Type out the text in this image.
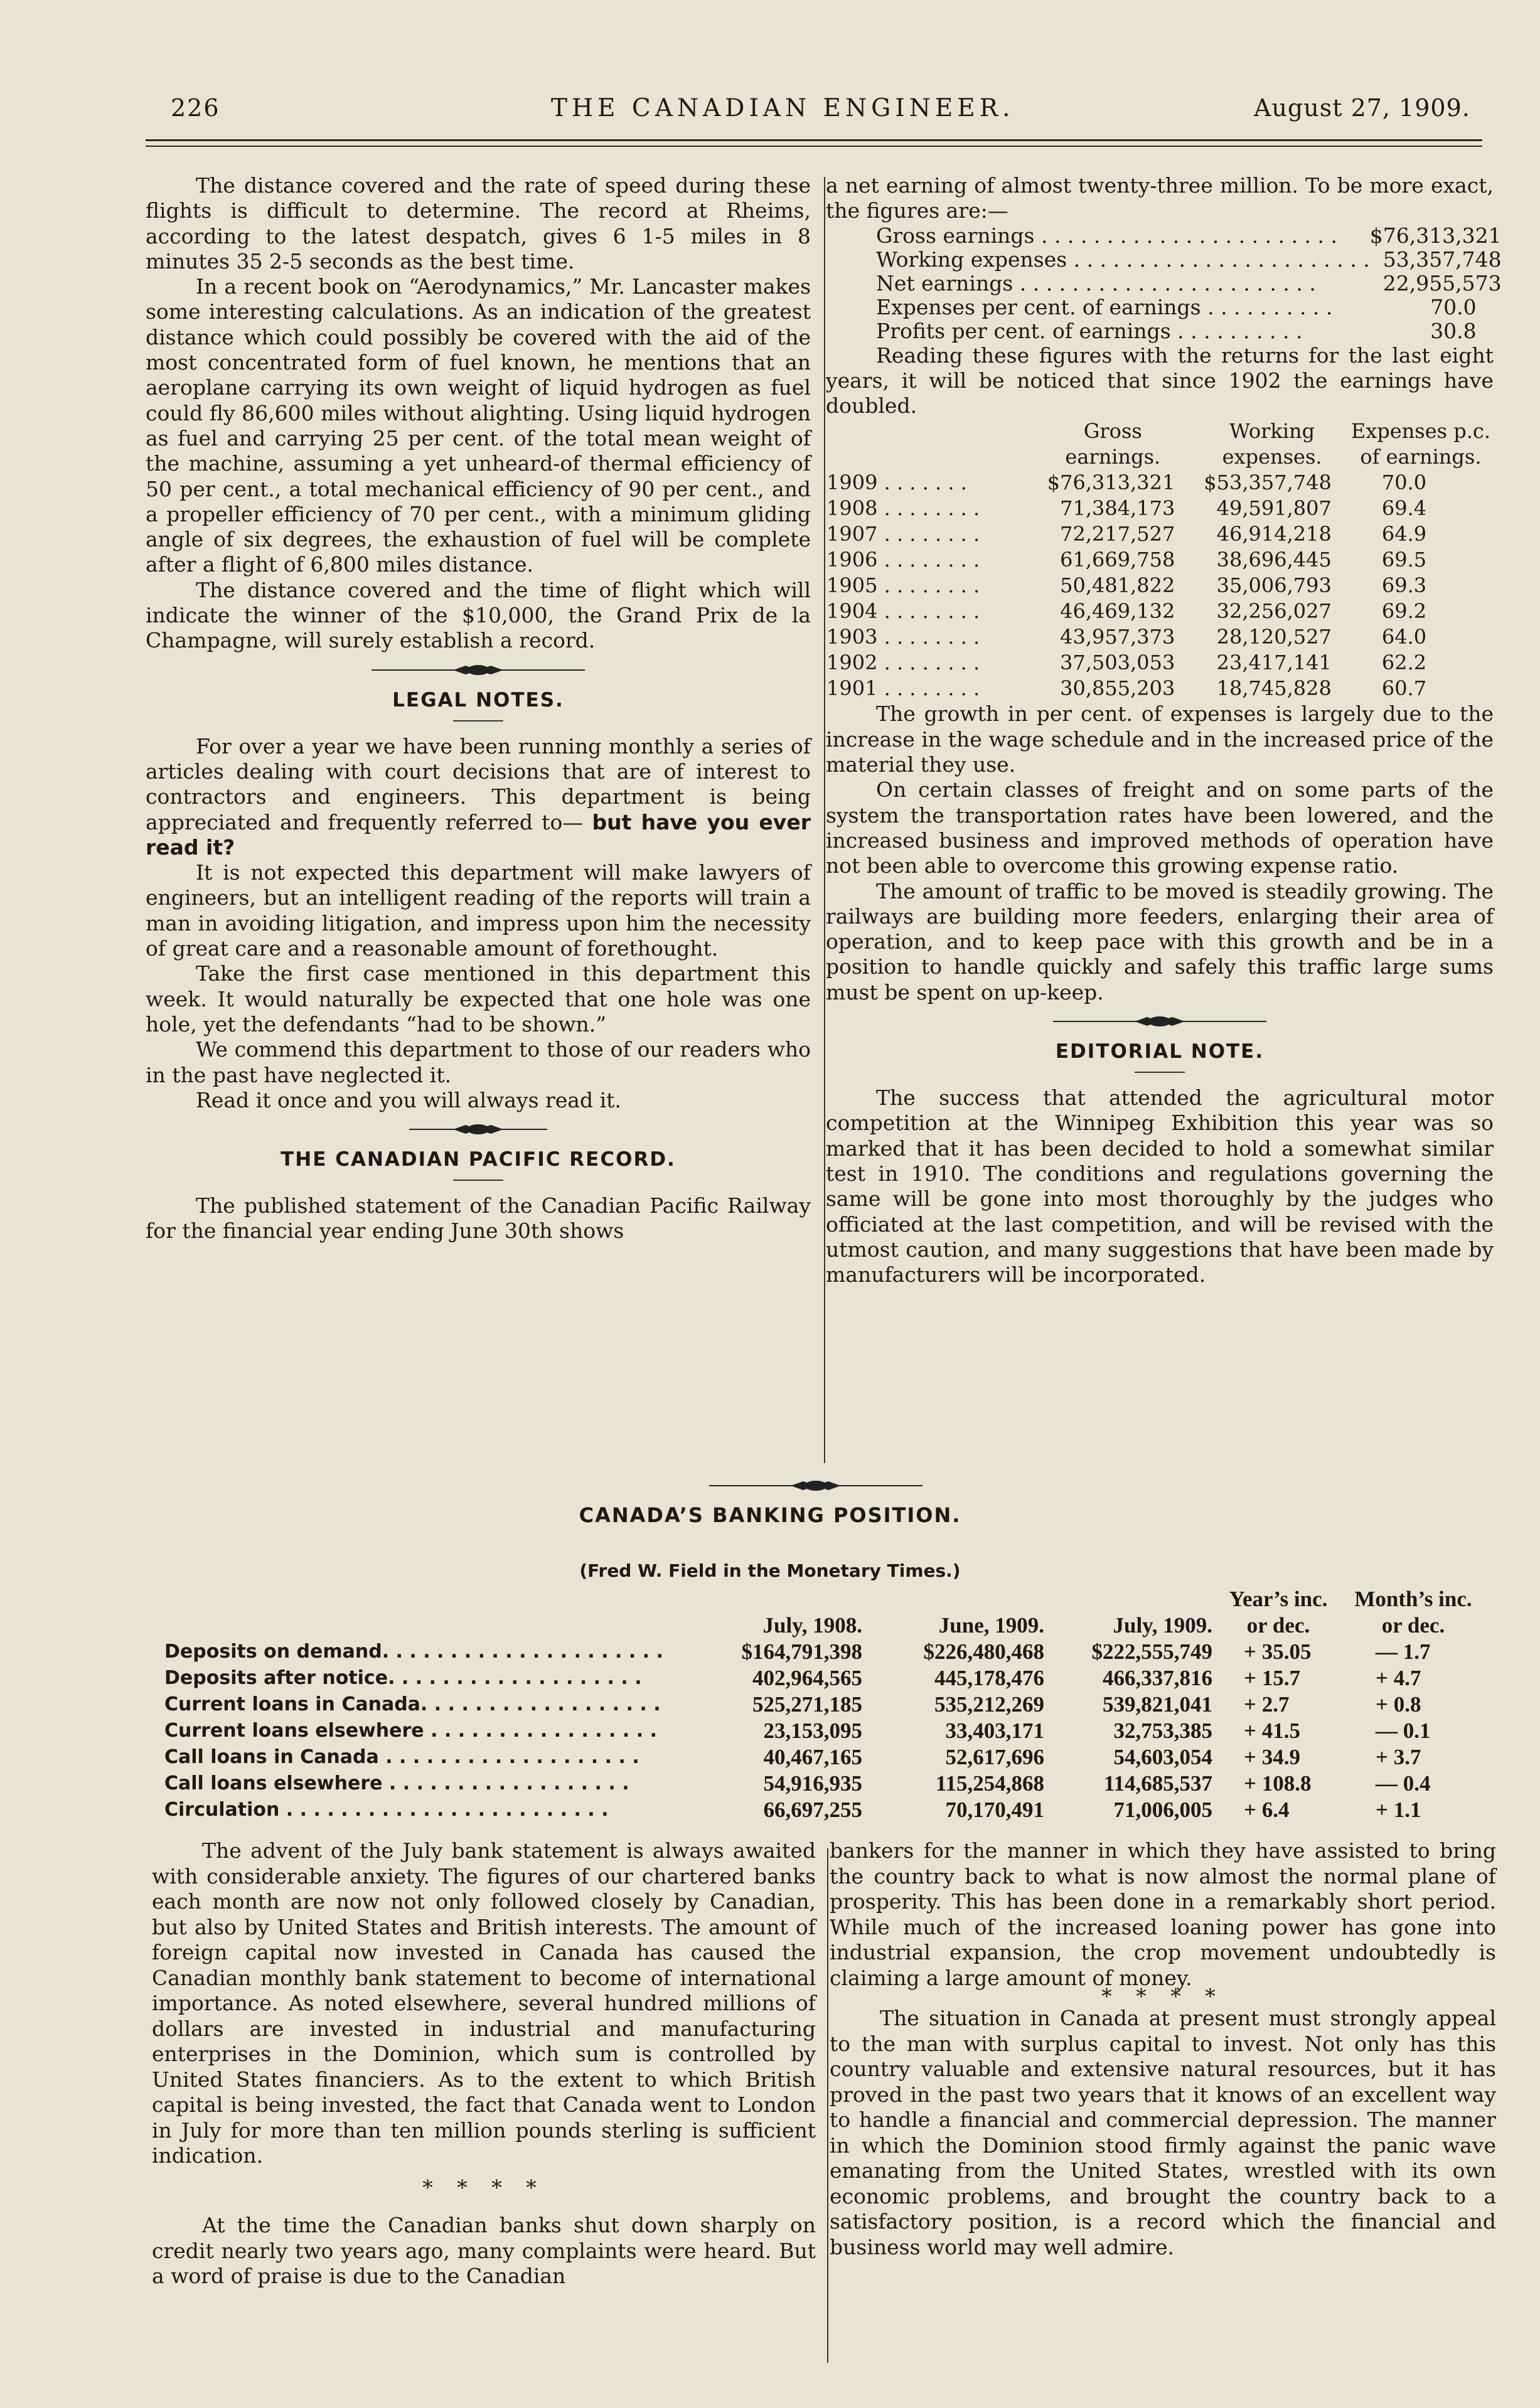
226	THE CANADIAN ENGINEER.	August 27, 1909.

The distance covered and the rate of speed during these flights is difficult to determine. The record at Rheims, according to the latest despatch, gives 6 1-5 miles in 8 minutes 35 2-5 seconds as the best time.

In a recent book on “Aerodynamics,” Mr. Lancaster makes some interesting calculations. As an indication of the greatest distance which could possibly be covered with the aid of the most concentrated form of fuel known, he mentions that an aeroplane carrying its own weight of liquid hydrogen as fuel could fly 86,600 miles without alighting. Using liquid hydrogen as fuel and carrying 25 per cent. of the total mean weight of the machine, assuming a yet unheard-of thermal efficiency of 50 per cent., a total mechanical efficiency of 90 per cent., and a propeller efficiency of 70 per cent., with a minimum gliding angle of six degrees, the exhaustion of fuel will be complete after a flight of 6,800 miles distance.

The distance covered and the time of flight which will indicate the winner of the $10,000, the Grand Prix de la Champagne, will surely establish a record.

LEGAL NOTES.

For over a year we have been running monthly a series of articles dealing with court decisions that are of interest to contractors and engineers. This department is being appreciated and frequently referred to— but have you ever read it?

It is not expected this department will make lawyers of engineers, but an intelligent reading of the reports will train a man in avoiding litigation, and impress upon him the necessity of great care and a reasonable amount of forethought.

Take the first case mentioned in this department this week. It would naturally be expected that one hole was one hole, yet the defendants “had to be shown.”

We commend this department to those of our readers who in the past have neglected it.

Read it once and you will always read it.

THE CANADIAN PACIFIC RECORD.

The published statement of the Canadian Pacific Railway for the financial year ending June 30th shows

a net earning of almost twenty-three million. To be more exact, the figures are:—

Gross earnings . . . . . . . . . . . . . . . . . . . . . . .	$76,313,321
Working expenses . . . . . . . . . . . . . . . . . . . . . . .	53,357,748
Net earnings . . . . . . . . . . . . . . . . . . . . . . .	22,955,573
Expenses per cent. of earnings . . . . . . . . . .	70.0
Profits per cent. of earnings . . . . . . . . . .	30.8

Reading these figures with the returns for the last eight years, it will be noticed that since 1902 the earnings have doubled.

	Gross	Working	Expenses p.c.
	earnings.	expenses.	of earnings.
1909 . . . . . . .	$76,313,321	$53,357,748	70.0
1908 . . . . . . . .	71,384,173	49,591,807	69.4
1907 . . . . . . . .	72,217,527	46,914,218	64.9
1906 . . . . . . . .	61,669,758	38,696,445	69.5
1905 . . . . . . . .	50,481,822	35,006,793	69.3
1904 . . . . . . . .	46,469,132	32,256,027	69.2
1903 . . . . . . . .	43,957,373	28,120,527	64.0
1902 . . . . . . . .	37,503,053	23,417,141	62.2
1901 . . . . . . . .	30,855,203	18,745,828	60.7

The growth in per cent. of expenses is largely due to the increase in the wage schedule and in the increased price of the material they use.

On certain classes of freight and on some parts of the system the transportation rates have been lowered, and the increased business and improved methods of operation have not been able to overcome this growing expense ratio.

The amount of traffic to be moved is steadily growing. The railways are building more feeders, enlarging their area of operation, and to keep pace with this growth and be in a position to handle quickly and safely this traffic large sums must be spent on up-keep.

EDITORIAL NOTE.

The success that attended the agricultural motor competition at the Winnipeg Exhibition this year was so marked that it has been decided to hold a somewhat similar test in 1910. The conditions and regulations governing the same will be gone into most thoroughly by the judges who officiated at the last competition, and will be revised with the utmost caution, and many suggestions that have been made by manufacturers will be incorporated.

CANADA’S BANKING POSITION.
(Fred W. Field in the Monetary Times.)
				Year’s inc.	Month’s inc.
	July, 1908.	June, 1909.	July, 1909.	or dec.	or dec.
Deposits on demand. . . . . . . . . . . . . . . . . . . . .	$164,791,398	$226,480,468	$222,555,749	+ 35.05	— 1.7
Deposits after notice. . . . . . . . . . . . . . . . . . .	402,964,565	445,178,476	466,337,816	+ 15.7	+ 4.7
Current loans in Canada. . . . . . . . . . . . . . . . . .	525,271,185	535,212,269	539,821,041	+ 2.7	+ 0.8
Current loans elsewhere . . . . . . . . . . . . . . . . .	23,153,095	33,403,171	32,753,385	+ 41.5	— 0.1
Call loans in Canada . . . . . . . . . . . . . . . . . . .	40,467,165	52,617,696	54,603,054	+ 34.9	+ 3.7
Call loans elsewhere . . . . . . . . . . . . . . . . . .	54,916,935	115,254,868	114,685,537	+ 108.8	— 0.4
Circulation . . . . . . . . . . . . . . . . . . . . . . . .	66,697,255	70,170,491	71,006,005	+ 6.4	+ 1.1

The advent of the July bank statement is always awaited with considerable anxiety. The figures of our chartered banks each month are now not only followed closely by Canadian, but also by United States and British interests. The amount of foreign capital now invested in Canada has caused the Canadian monthly bank statement to become of international importance. As noted elsewhere, several hundred millions of dollars are invested in industrial and manufacturing enterprises in the Dominion, which sum is controlled by United States financiers. As to the extent to which British capital is being invested, the fact that Canada went to London in July for more than ten million pounds sterling is sufficient indication.

* * * *

At the time the Canadian banks shut down sharply on credit nearly two years ago, many complaints were heard. But a word of praise is due to the Canadian

bankers for the manner in which they have assisted to bring the country back to what is now almost the normal plane of prosperity. This has been done in a remarkably short period. While much of the increased loaning power has gone into industrial expansion, the crop movement undoubtedly is claiming a large amount of money.

* * * *

The situation in Canada at present must strongly appeal to the man with surplus capital to invest. Not only has this country valuable and extensive natural resources, but it has proved in the past two years that it knows of an excellent way to handle a financial and commercial depression. The manner in which the Dominion stood firmly against the panic wave emanating from the United States, wrestled with its own economic problems, and brought the country back to a satisfactory position, is a record which the financial and business world may well admire.
